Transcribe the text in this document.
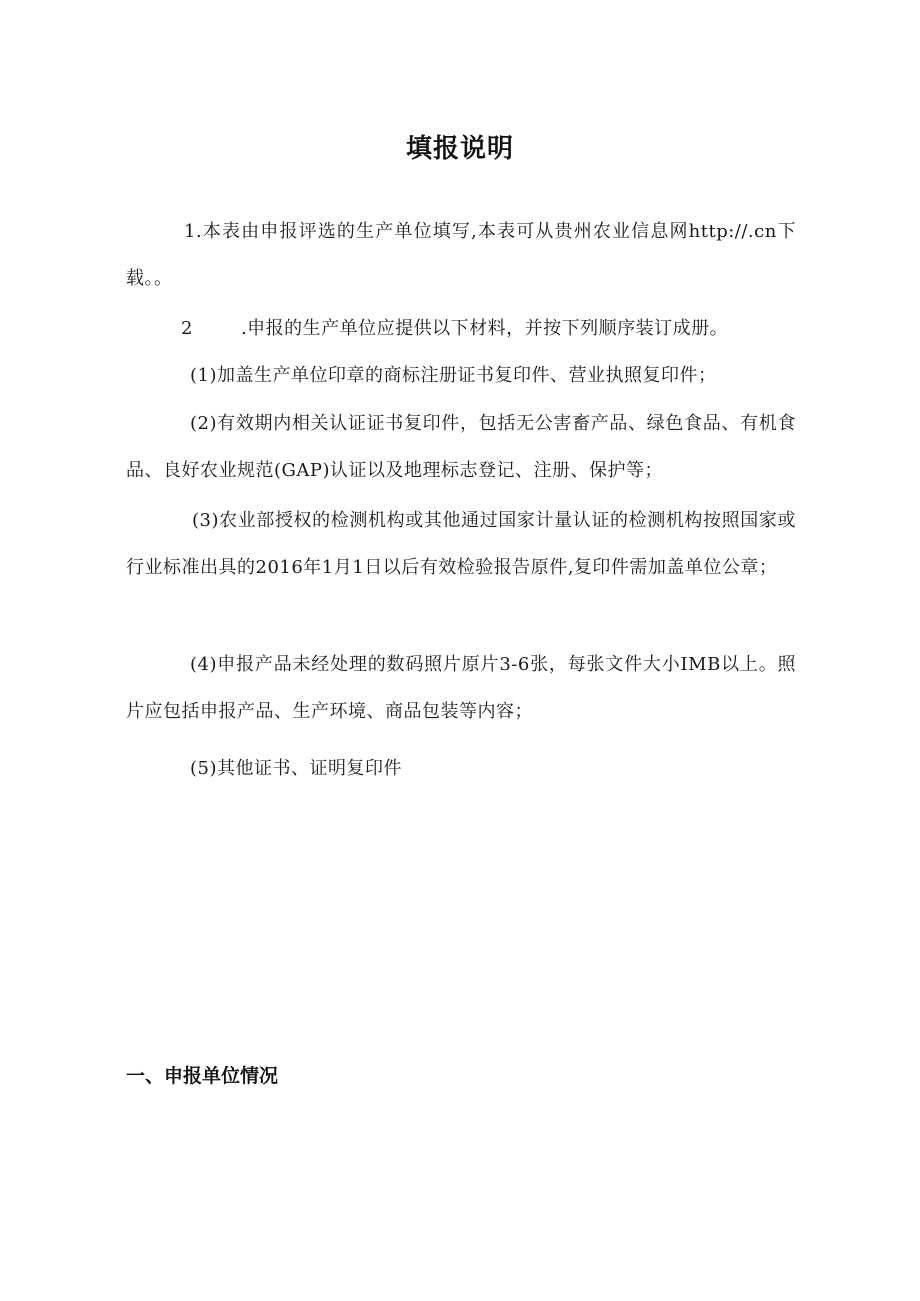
填报说明
1.本表由申报评选的生产单位填写,本表可从贵州农业信息网http://.cn下载。。
2	.申报的生产单位应提供以下材料，并按下列顺序装订成册。
(1)加盖生产单位印章的商标注册证书复印件、营业执照复印件；
(2)有效期内相关认证证书复印件，包括无公害畜产品、绿色食品、有机食品、良好农业规范(GAP)认证以及地理标志登记、注册、保护等；
(3)农业部授权的检测机构或其他通过国家计量认证的检测机构按照国家或行业标准出具的2016年1月1日以后有效检验报告原件,复印件需加盖单位公章；
(4)申报产品未经处理的数码照片原片3-6张，每张文件大小IMB以上。照片应包括申报产品、生产环境、商品包装等内容；
(5)其他证书、证明复印件
一、申报单位情况
